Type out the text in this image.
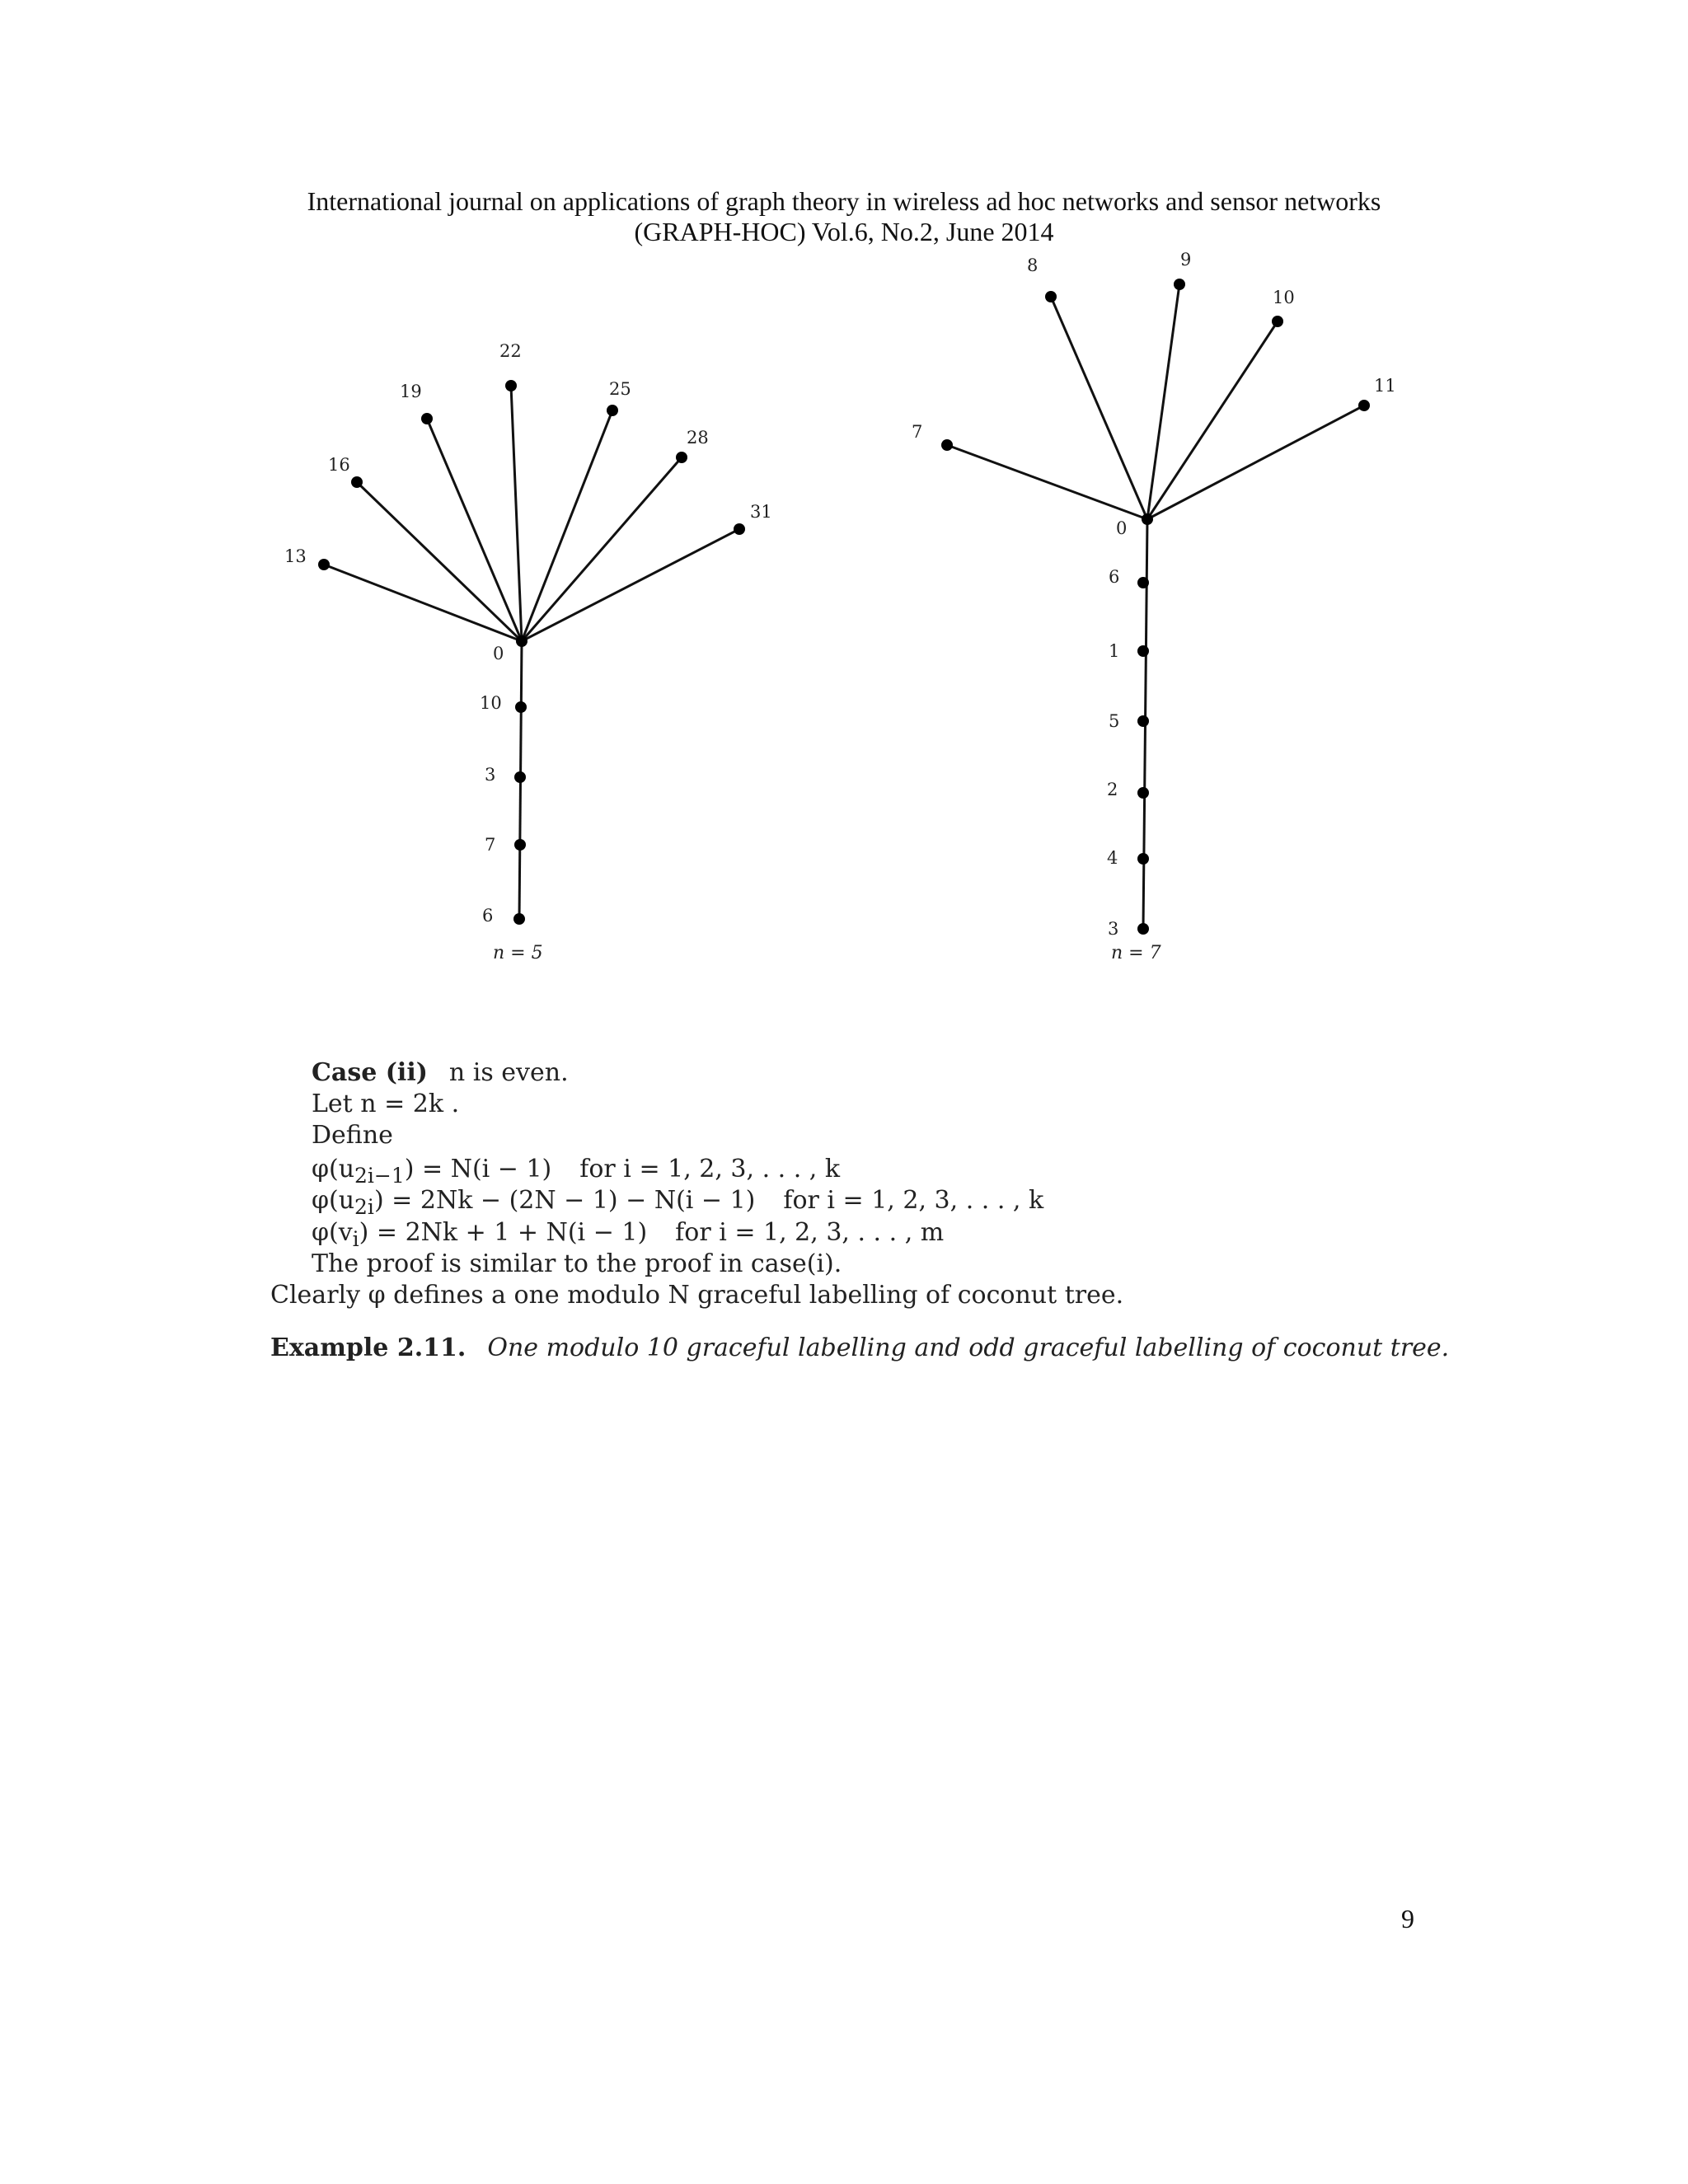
International journal on applications of graph theory in wireless ad hoc networks and sensor networks
(GRAPH-HOC) Vol.6, No.2, June 2014
13
16
19
22
25
28
31
0
10
3
7
6
n = 5
7
8	9
10
11
0
6
1
5
2
4
3
n = 7
Case (ii) n is even.
Let n = 2k .
Define
$\varphi(u_{2i-1}) = N(i - 1)$ for i = 1, 2, 3, . . . , k
$\varphi(u_{2i}) = 2Nk - (2N - 1) - N(i - 1)$ for i = 1, 2, 3, . . . , k
$\varphi(v_i) = 2Nk + 1 + N(i - 1)$ for i = 1, 2, 3, . . . , m
The proof is similar to the proof in case(i).
Clearly φ defines a one modulo N graceful labelling of coconut tree.
Example 2.11. One modulo 10 graceful labelling and odd graceful labelling of coconut tree.
9
